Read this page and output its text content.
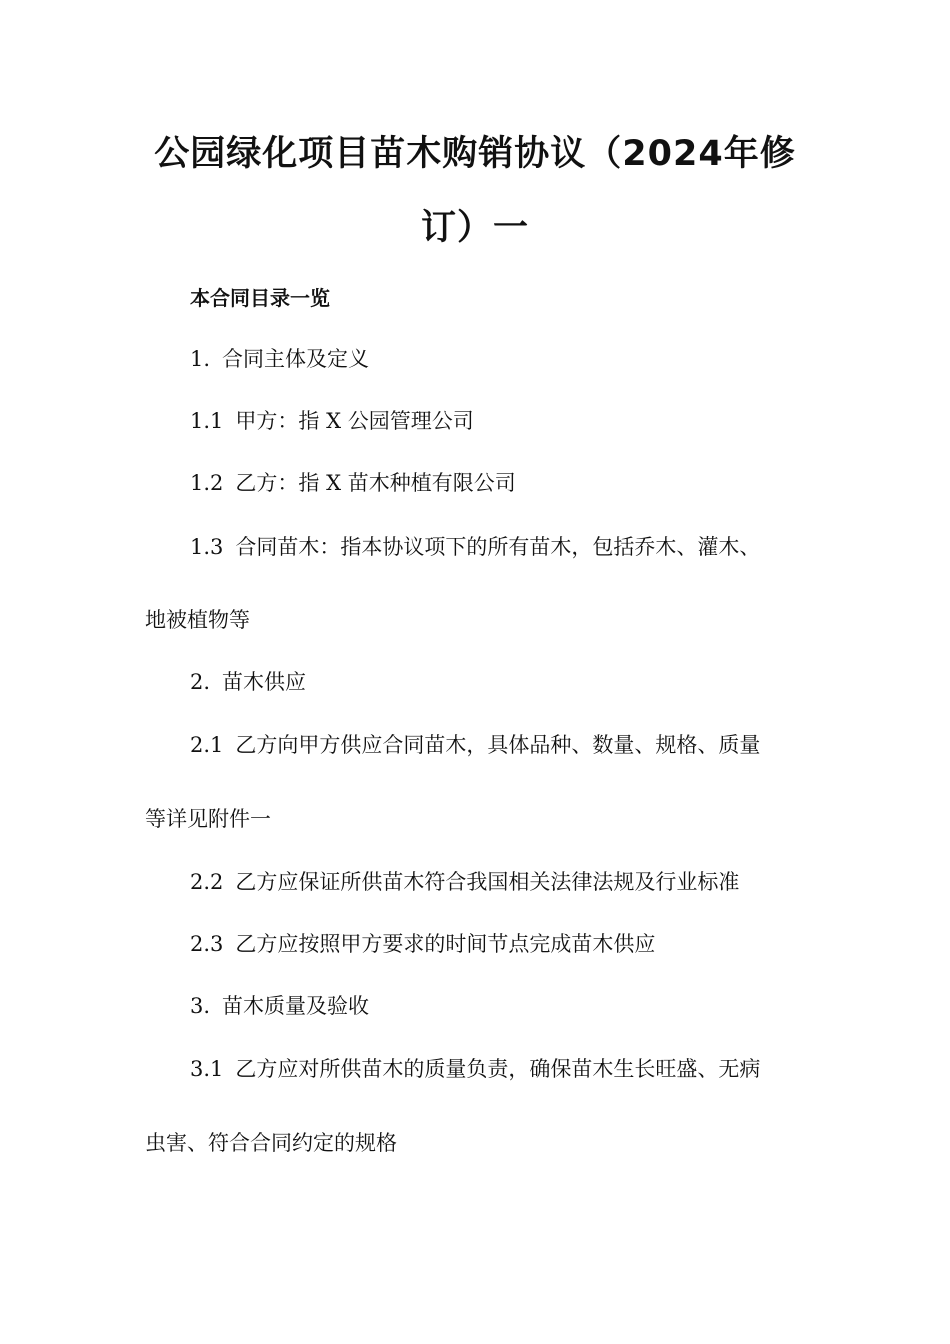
公园绿化项目苗木购销协议（2024年修
订）一
本合同目录一览
1. 合同主体及定义
1.1 甲方：指 X 公园管理公司
1.2 乙方：指 X 苗木种植有限公司
1.3 合同苗木：指本协议项下的所有苗木，包括乔木、灌木、
地被植物等
2. 苗木供应
2.1 乙方向甲方供应合同苗木，具体品种、数量、规格、质量
等详见附件一
2.2 乙方应保证所供苗木符合我国相关法律法规及行业标准
2.3 乙方应按照甲方要求的时间节点完成苗木供应
3. 苗木质量及验收
3.1 乙方应对所供苗木的质量负责，确保苗木生长旺盛、无病
虫害、符合合同约定的规格
